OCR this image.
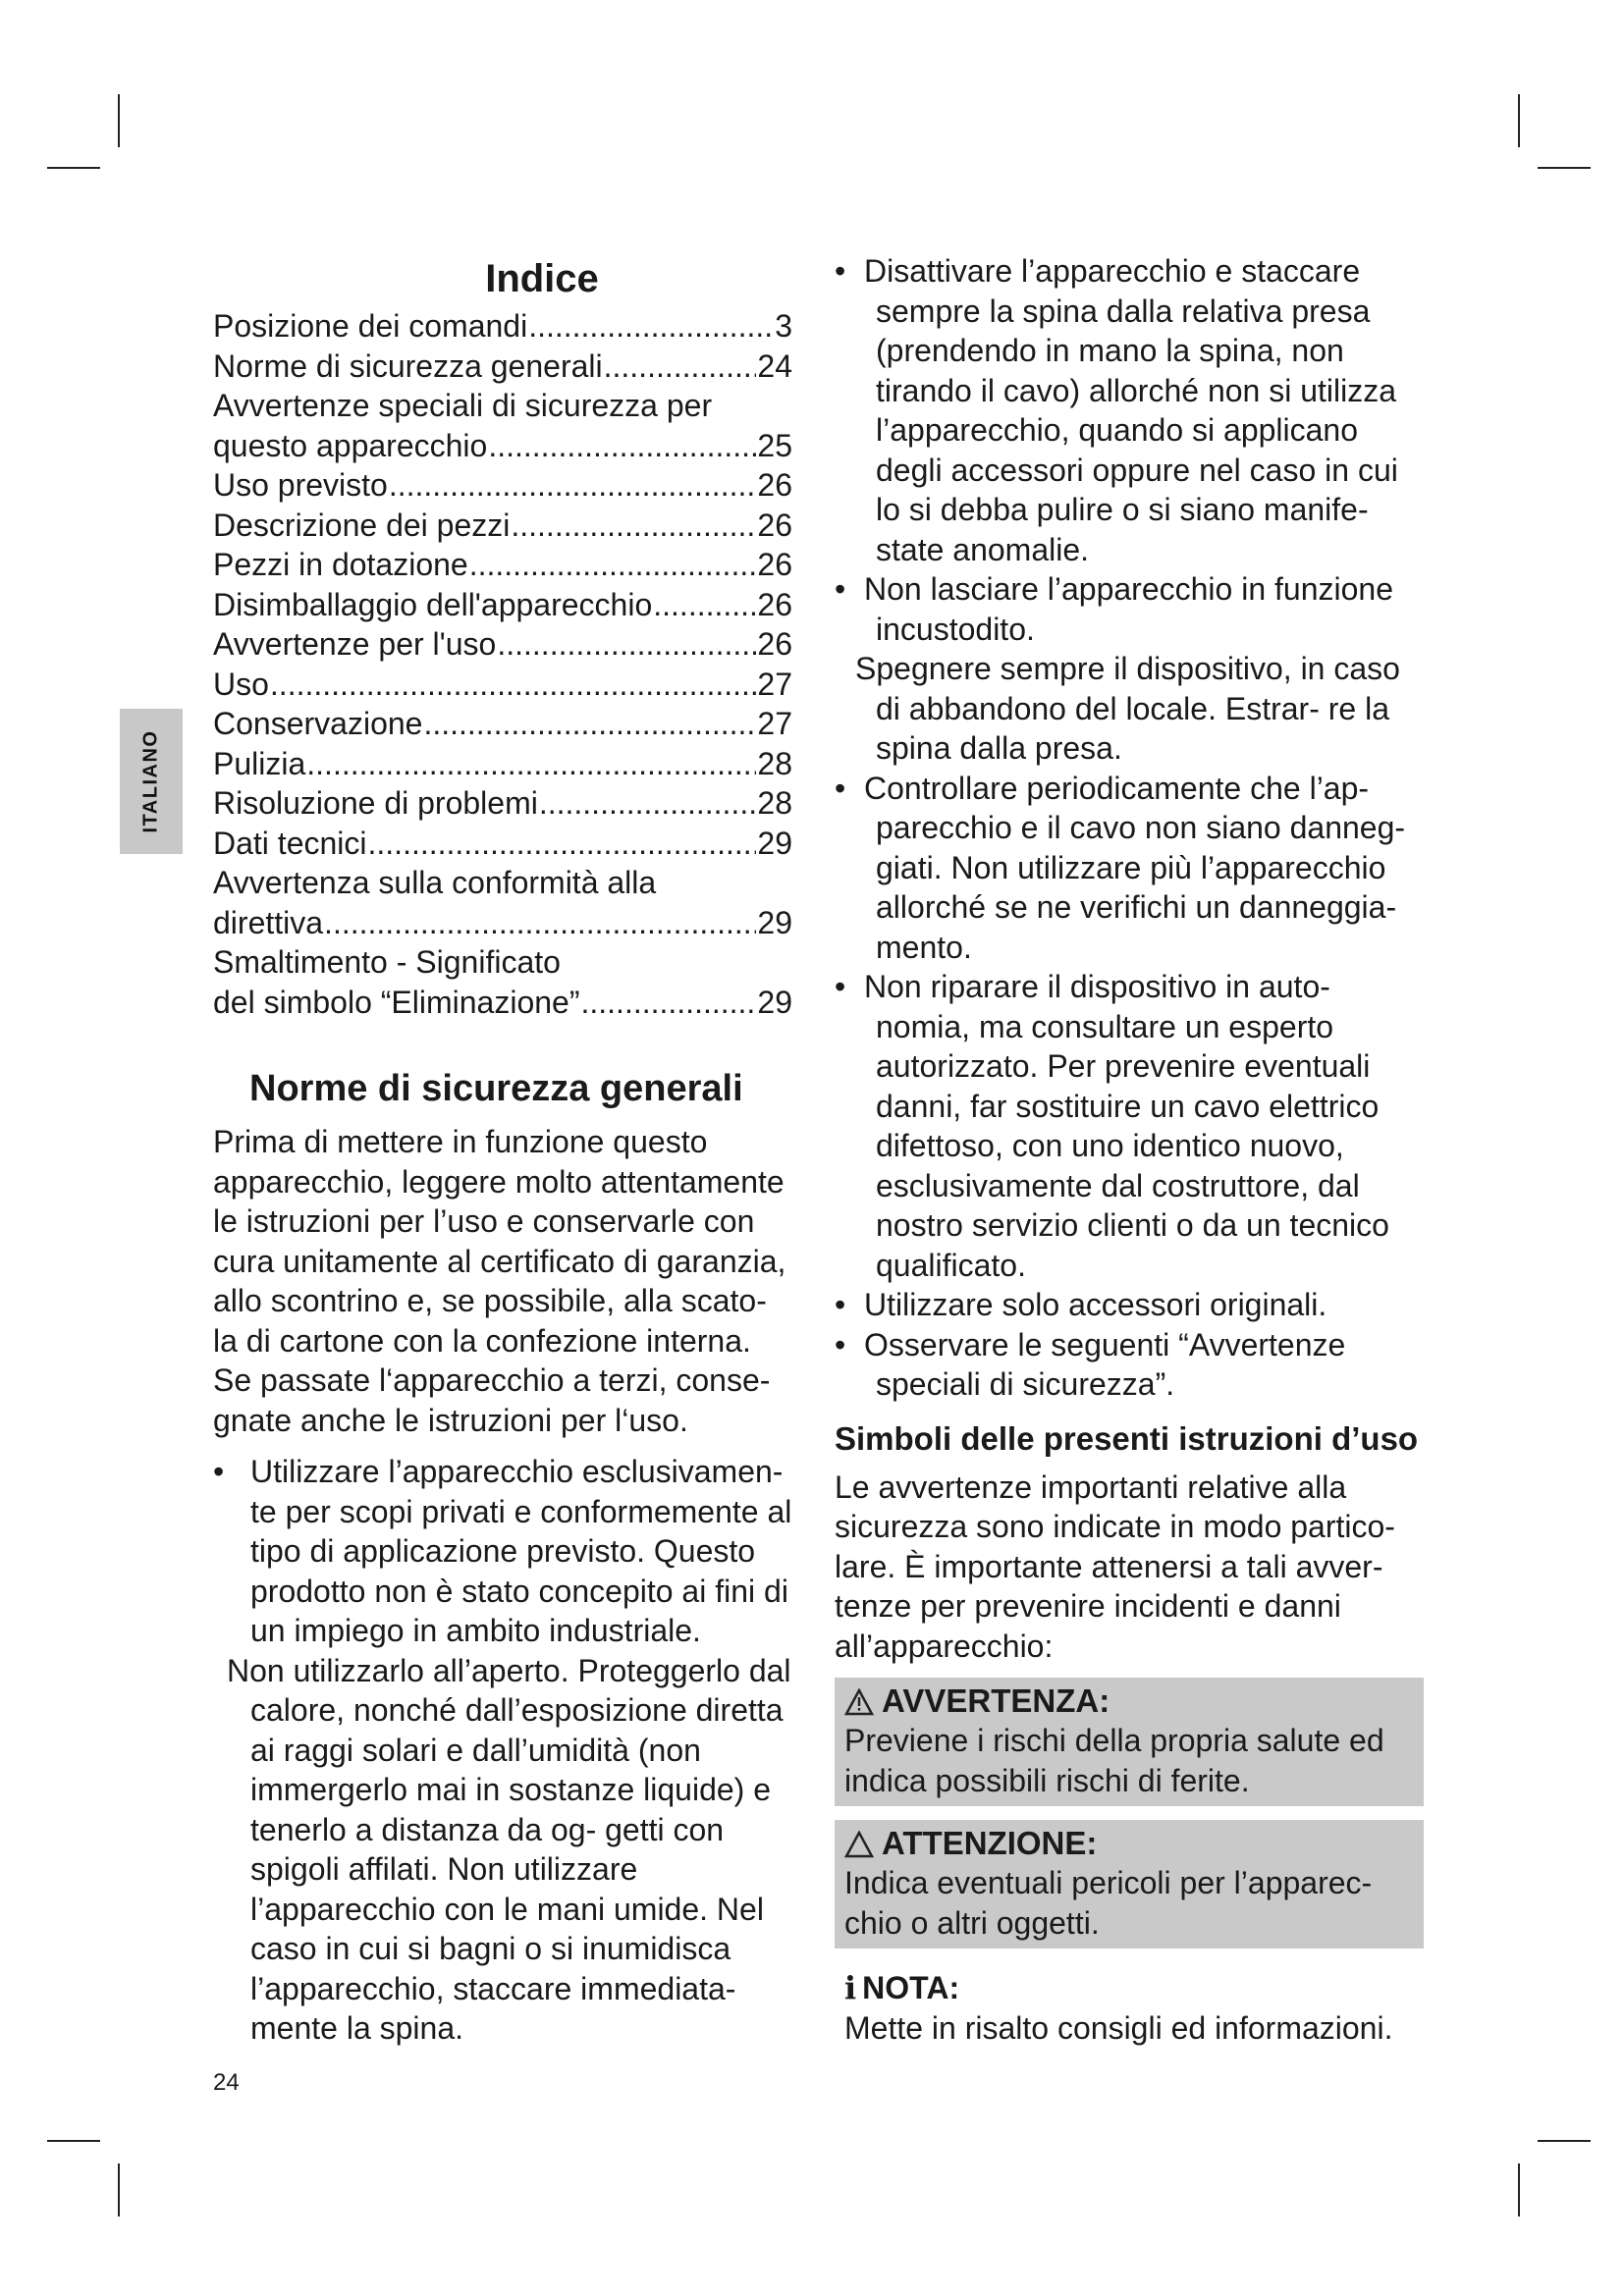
ITALIANO
Indice
Posizione dei comandi .....	3
Norme di sicurezza generali .....	24
Avvertenze speciali di sicurezza per
questo apparecchio .....	25
Uso previsto .....	26
Descrizione dei pezzi .....	26
Pezzi in dotazione .....	26
Disimballaggio dell'apparecchio .....	26
Avvertenze per l'uso .....	26
Uso .....	27
Conservazione .....	27
Pulizia .....	28
Risoluzione di problemi .....	28
Dati tecnici .....	29
Avvertenza sulla conformità alla
direttiva .....	29
Smaltimento - Significato
del simbolo “Eliminazione” .....	29
Norme di sicurezza generali

Prima di mettere in funzione questo apparecchio, leggere molto attentamente le istruzioni per l’uso e conservarle con cura unitamente al certificato di garanzia, allo scontrino e, se possibile, alla scato- la di cartone con la confezione interna. Se passate l‘apparecchio a terzi, conse- gnate anche le istruzioni per l‘uso.

• Utilizzare l’apparecchio esclusivamen- te per scopi privati e conformemente al tipo di applicazione previsto. Questo prodotto non è stato concepito ai fini di un impiego in ambito industriale.
Non utilizzarlo all’aperto. Proteggerlo dal calore, nonché dall’esposizione diretta ai raggi solari e dall’umidità (non immergerlo mai in sostanze liquide) e tenerlo a distanza da og- getti con spigoli affilati. Non utilizzare l’apparecchio con le mani umide. Nel caso in cui si bagni o si inumidisca l’apparecchio, staccare immediata- mente la spina.
• Disattivare l’apparecchio e staccare sempre la spina dalla relativa presa (prendendo in mano la spina, non tirando il cavo) allorché non si utilizza l’apparecchio, quando si applicano degli accessori oppure nel caso in cui lo si debba pulire o si siano manife- state anomalie.
• Non lasciare l’apparecchio in funzione incustodito.
Spegnere sempre il dispositivo, in caso di abbandono del locale. Estrar- re la spina dalla presa.
• Controllare periodicamente che l’ap- parecchio e il cavo non siano danneg- giati. Non utilizzare più l’apparecchio allorché se ne verifichi un danneggia- mento.
• Non riparare il dispositivo in auto- nomia, ma consultare un esperto autorizzato. Per prevenire eventuali danni, far sostituire un cavo elettrico difettoso, con uno identico nuovo, esclusivamente dal costruttore, dal nostro servizio clienti o da un tecnico qualificato.
• Utilizzare solo accessori originali.
• Osservare le seguenti “Avvertenze speciali di sicurezza”.
Simboli delle presenti istruzioni d’uso

Le avvertenze importanti relative alla sicurezza sono indicate in modo partico- lare. È importante attenersi a tali avver- tenze per prevenire incidenti e danni all’apparecchio:

AVVERTENZA:
Previene i rischi della propria salute ed indica possibili rischi di ferite.
ATTENZIONE:
Indica eventuali pericoli per l’apparec- chio o altri oggetti.
i NOTA:
Mette in risalto consigli ed informazioni.
24
